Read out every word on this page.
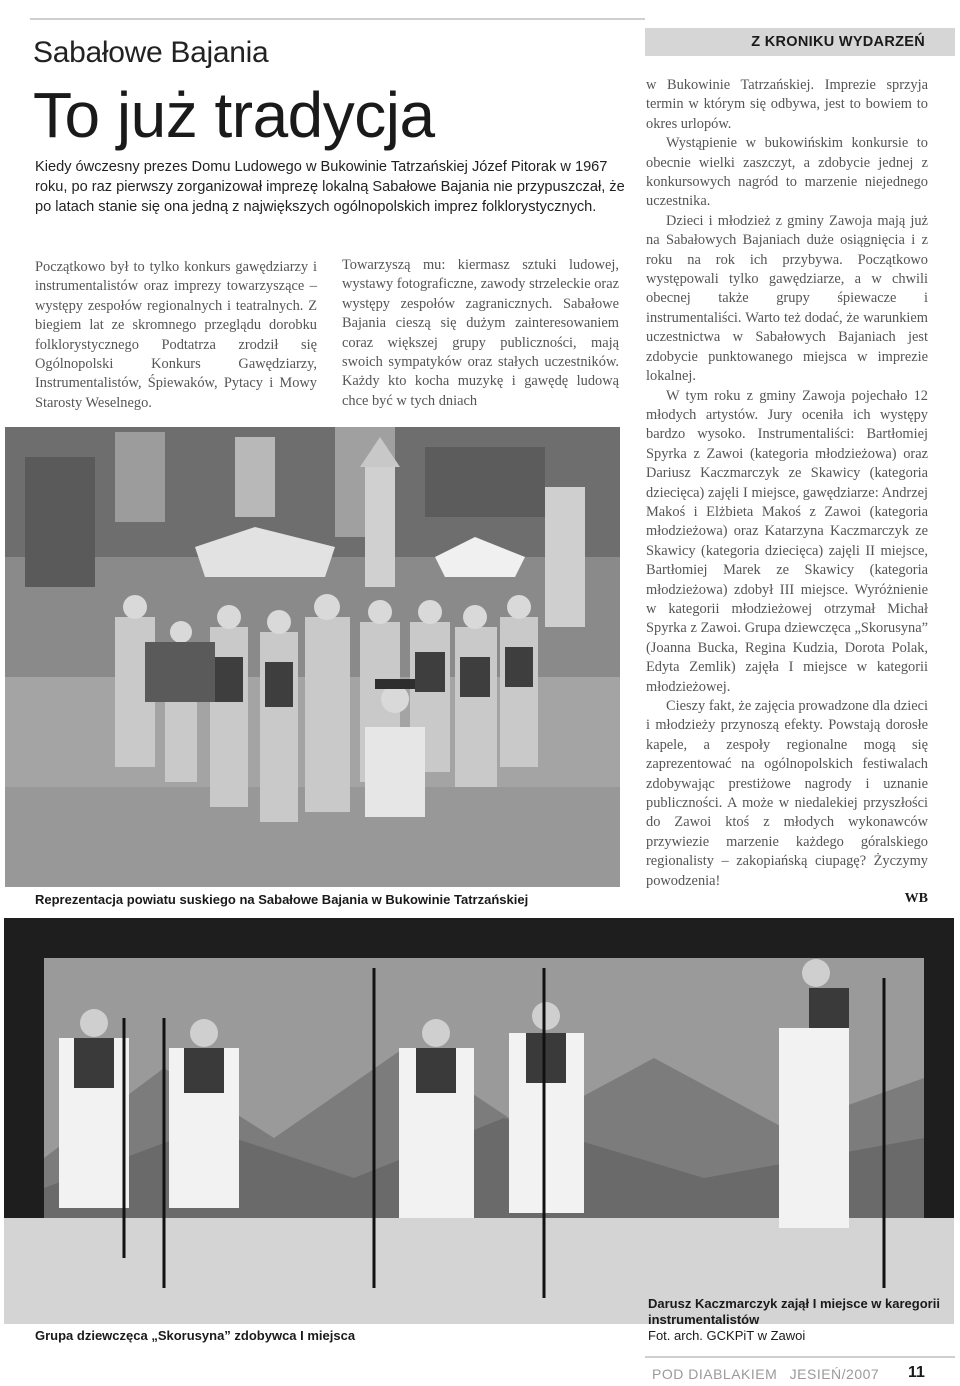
Sabałowe Bajania
To już tradycja
Kiedy ówczesny prezes Domu Ludowego w Bukowinie Tatrzańskiej Józef Pitorak w 1967 roku, po raz pierwszy zorganizował imprezę lokalną Sabałowe Bajania nie przypuszczał, że po latach stanie się ona jedną z największych ogólnopolskich imprez folklorystycznych.

Początkowo był to tylko konkurs gawędziarzy i instrumentalistów oraz imprezy towarzyszące – występy zespołów regionalnych i teatralnych. Z biegiem lat ze skromnego przeglądu dorobku folklorystycznego Podtatrza zrodził się Ogólnopolski Konkurs Gawędziarzy, Instrumentalistów, Śpiewaków, Pytacy i Mowy Starosty Weselnego.

Towarzyszą mu: kiermasz sztuki ludowej, wystawy fotograficzne, zawody strzeleckie oraz występy zespołów zagranicznych. Sabałowe Bajania cieszą się dużym zainteresowaniem coraz większej grupy publiczności, mają swoich sympatyków oraz stałych uczestników. Każdy kto kocha muzykę i gawędę ludową chce być w tych dniach

Z KRONIKU WYDARZEŃ

w Bukowinie Tatrzańskiej. Imprezie sprzyja termin w którym się odbywa, jest to bowiem to okres urlopów.

Wystąpienie w bukowińskim konkursie to obecnie wielki zaszczyt, a zdobycie jednej z konkursowych nagród to marzenie niejednego uczestnika.

Dzieci i młodzież z gminy Zawoja mają już na Sabałowych Bajaniach duże osiągnięcia i z roku na rok ich przybywa. Początkowo występowali tylko gawędziarze, a w chwili obecnej także grupy śpiewacze i instrumentaliści. Warto też dodać, że warunkiem uczestnictwa w Sabałowych Bajaniach jest zdobycie punktowanego miejsca w imprezie lokalnej.

W tym roku z gminy Zawoja pojechało 12 młodych artystów. Jury oceniła ich występy bardzo wysoko. Instrumentaliści: Bartłomiej Spyrka z Zawoi (kategoria młodzieżowa) oraz Dariusz Kaczmarczyk ze Skawicy (kategoria dziecięca) zajęli I miejsce, gawędziarze: Andrzej Makoś i Elżbieta Makoś z Zawoi (kategoria młodzieżowa) oraz Katarzyna Kaczmarczyk ze Skawicy (kategoria dziecięca) zajęli II miejsce, Bartłomiej Marek ze Skawicy (kategoria młodzieżowa) zdobył III miejsce. Wyróżnienie w kategorii młodzieżowej otrzymał Michał Spyrka z Zawoi. Grupa dziewczęca „Skorusyna” (Joanna Bucka, Regina Kudzia, Dorota Polak, Edyta Zemlik) zajęła I miejsce w kategorii młodzieżowej.

Cieszy fakt, że zajęcia prowadzone dla dzieci i młodzieży przynoszą efekty. Powstają dorosłe kapele, a zespoły regionalne mogą się zaprezentować na ogólnopolskich festiwalach zdobywając prestiżowe nagrody i uznanie publiczności. A może w niedalekiej przyszłości do Zawoi ktoś z młodych wykonawców przywiezie marzenie każdego góralskiego regionalisty – zakopiańską ciupagę? Życzymy powodzenia!

WB
Reprezentacja powiatu suskiego na Sabałowe Bajania w Bukowinie Tatrzańskiej
Grupa dziewczęca „Skorusyna” zdobywca I miejsca
Darusz Kaczmarczyk zajął I miejsce w karegorii instrumentalistów
Fot. arch. GCKPiT w Zawoi
POD DIABLAKIEM JESIEŃ/2007 11
